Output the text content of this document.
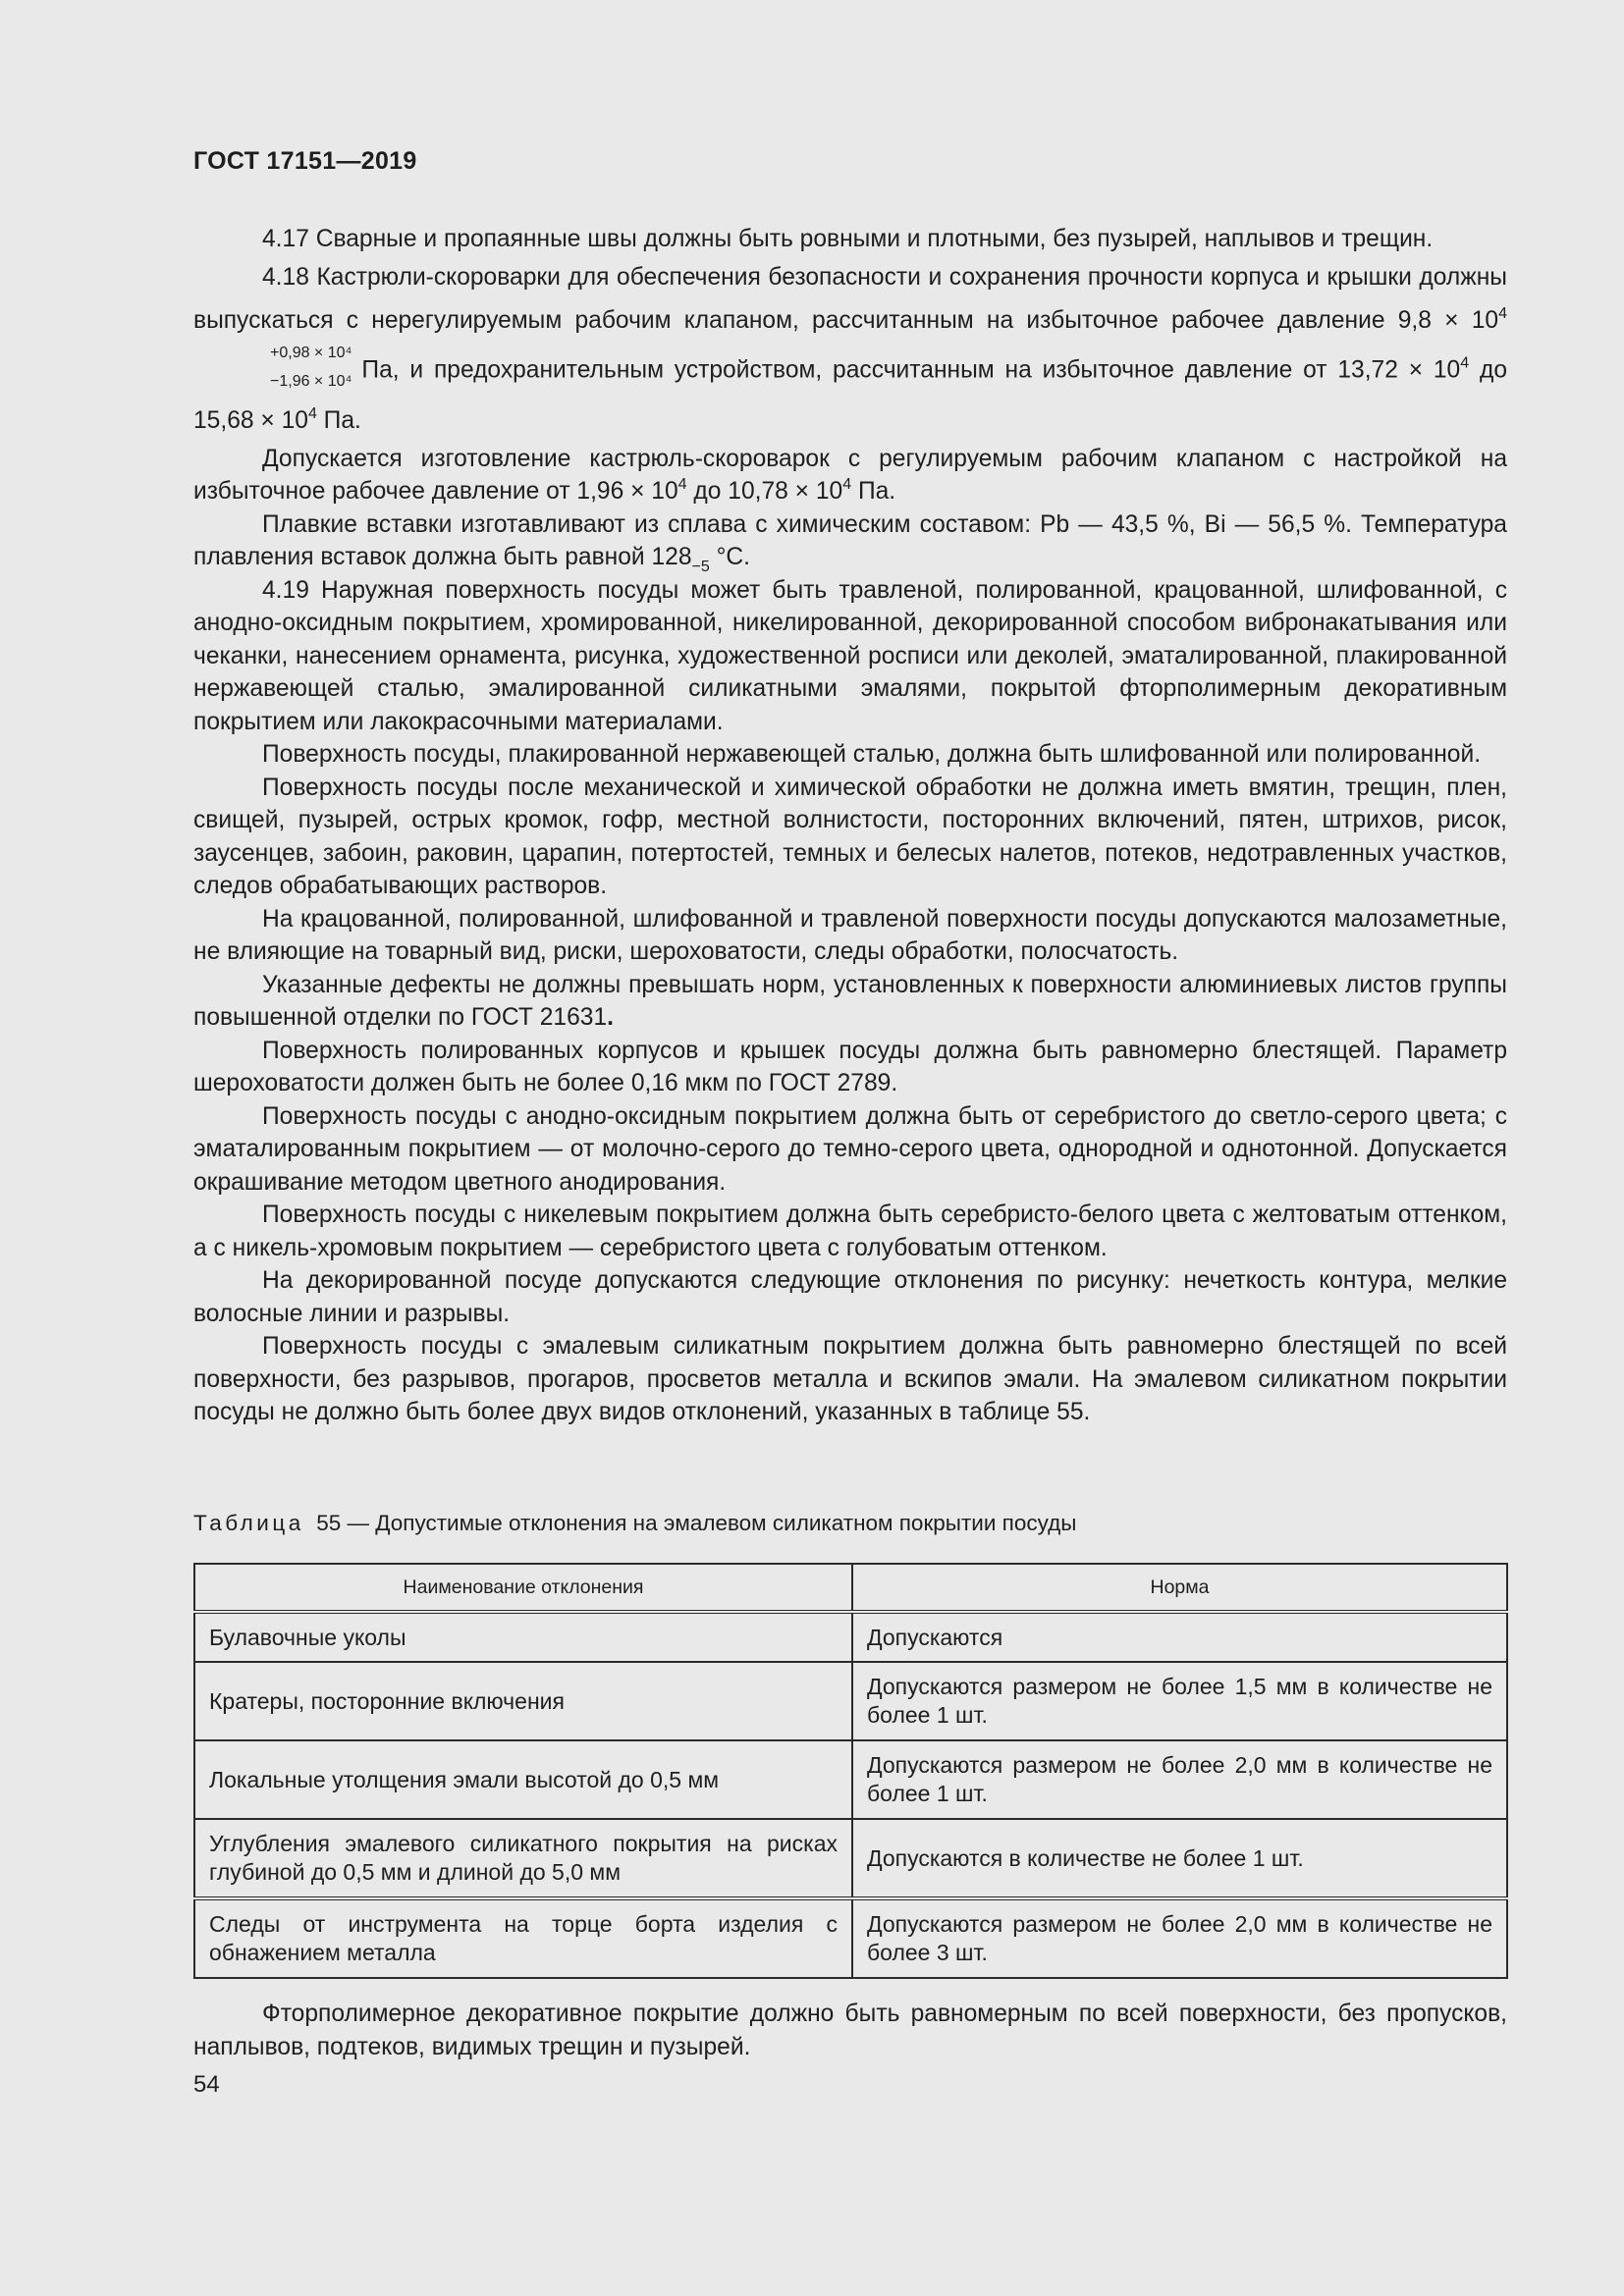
ГОСТ 17151—2019

4.17 Сварные и пропаянные швы должны быть ровными и плотными, без пузырей, наплывов и трещин.

4.18 Кастрюли-скороварки для обеспечения безопасности и сохранения прочности корпуса и крышки должны выпускаться с нерегулируемым рабочим клапаном, рассчитанным на избыточное рабочее давление $9,8 \times 10^4$
+0,98 × 10⁴
−1,96 × 10⁴ Па, и предохранительным устройством, рассчитанным на избыточное давление от $13,72 \times 10^4$ до $15,68 \times 10^4$ Па.

Допускается изготовление кастрюль-скороварок с регулируемым рабочим клапаном с настройкой на избыточное рабочее давление от $1,96 \times 10^4$ до $10,78 \times 10^4$ Па.

Плавкие вставки изготавливают из сплава с химическим составом: Pb — 43,5 %, Bi — 56,5 %. Температура плавления вставок должна быть равной $128_{-5}$ °С.

4.19 Наружная поверхность посуды может быть травленой, полированной, крацованной, шлифованной, с анодно-оксидным покрытием, хромированной, никелированной, декорированной способом вибронакатывания или чеканки, нанесением орнамента, рисунка, художественной росписи или деколей, эматалированной, плакированной нержавеющей сталью, эмалированной силикатными эмалями, покрытой фторполимерным декоративным покрытием или лакокрасочными материалами.

Поверхность посуды, плакированной нержавеющей сталью, должна быть шлифованной или полированной.

Поверхность посуды после механической и химической обработки не должна иметь вмятин, трещин, плен, свищей, пузырей, острых кромок, гофр, местной волнистости, посторонних включений, пятен, штрихов, рисок, заусенцев, забоин, раковин, царапин, потертостей, темных и белесых налетов, потеков, недотравленных участков, следов обрабатывающих растворов.

На крацованной, полированной, шлифованной и травленой поверхности посуды допускаются малозаметные, не влияющие на товарный вид, риски, шероховатости, следы обработки, полосчатость.

Указанные дефекты не должны превышать норм, установленных к поверхности алюминиевых листов группы повышенной отделки по ГОСТ 21631.

Поверхность полированных корпусов и крышек посуды должна быть равномерно блестящей. Параметр шероховатости должен быть не более 0,16 мкм по ГОСТ 2789.

Поверхность посуды с анодно-оксидным покрытием должна быть от серебристого до светло-серого цвета; с эматалированным покрытием — от молочно-серого до темно-серого цвета, однородной и однотонной. Допускается окрашивание методом цветного анодирования.

Поверхность посуды с никелевым покрытием должна быть серебристо-белого цвета с желтоватым оттенком, а с никель-хромовым покрытием — серебристого цвета с голубоватым оттенком.

На декорированной посуде допускаются следующие отклонения по рисунку: нечеткость контура, мелкие волосные линии и разрывы.

Поверхность посуды с эмалевым силикатным покрытием должна быть равномерно блестящей по всей поверхности, без разрывов, прогаров, просветов металла и вскипов эмали. На эмалевом силикатном покрытии посуды не должно быть более двух видов отклонений, указанных в таблице 55.

Таблица 55 — Допустимые отклонения на эмалевом силикатном покрытии посуды
Наименование отклонения	Норма
Булавочные уколы	Допускаются
Кратеры, посторонние включения	Допускаются размером не более 1,5 мм в количестве не более 1 шт.
Локальные утолщения эмали высотой до 0,5 мм	Допускаются размером не более 2,0 мм в количестве не более 1 шт.
Углубления эмалевого силикатного покрытия на рисках глубиной до 0,5 мм и длиной до 5,0 мм	Допускаются в количестве не более 1 шт.
Следы от инструмента на торце борта изделия с обнажением металла	Допускаются размером не более 2,0 мм в количестве не более 3 шт.

Фторполимерное декоративное покрытие должно быть равномерным по всей поверхности, без пропусков, наплывов, подтеков, видимых трещин и пузырей.

54
